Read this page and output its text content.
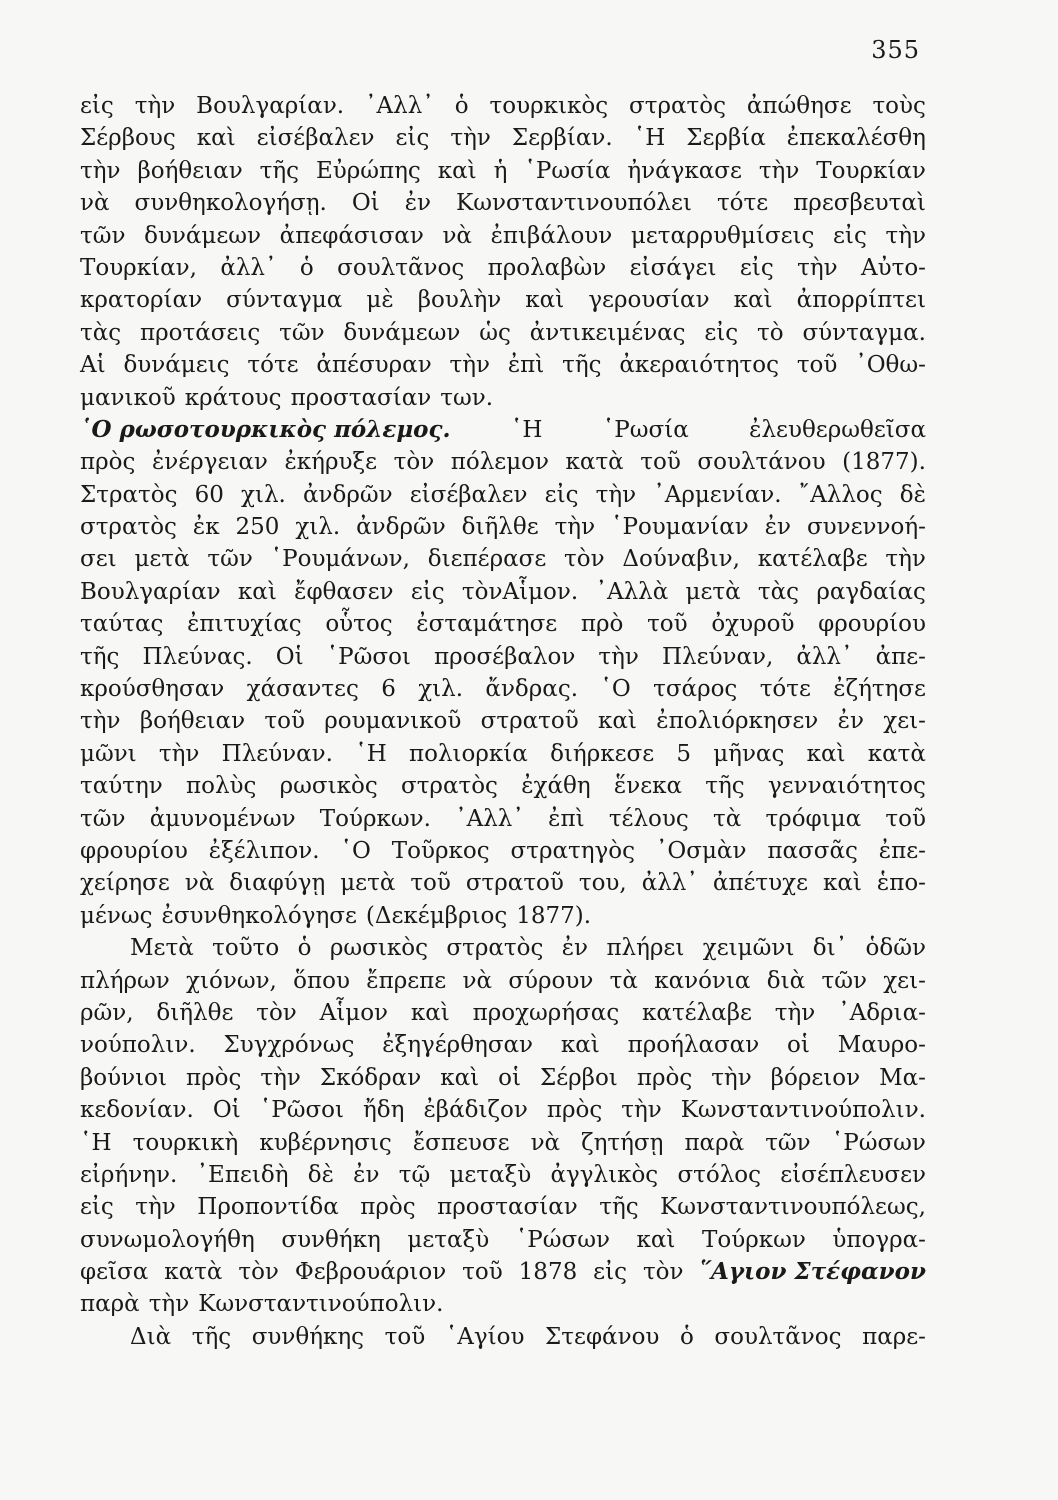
355
εἰς τὴν Βουλγαρίαν. ᾿Αλλ᾿ ὁ τουρκικὸς στρατὸς ἀπώθησε τοὺς
Σέρβους καὶ εἰσέβαλεν εἰς τὴν Σερβίαν. ῾Η Σερβία ἐπεκαλέσθη
τὴν βοήθειαν τῆς Εὐρώπης καὶ ἡ ῾Ρωσία ἠνάγκασε τὴν Τουρκίαν
νὰ συνθηκολογήσῃ. Οἱ ἐν Κωνσταντινουπόλει τότε πρεσβευταὶ
τῶν δυνάμεων ἀπεφάσισαν νὰ ἐπιβάλουν μεταρρυθμίσεις εἰς τὴν
Τουρκίαν, ἀλλ᾿ ὁ σουλτᾶνος προλαβὼν εἰσάγει εἰς τὴν Αὐτο-
κρατορίαν σύνταγμα μὲ βουλὴν καὶ γερουσίαν καὶ ἀπορρίπτει
τὰς προτάσεις τῶν δυνάμεων ὡς ἀντικειμένας εἰς τὸ σύνταγμα.
Αἱ δυνάμεις τότε ἀπέσυραν τὴν ἐπὶ τῆς ἀκεραιότητος τοῦ ᾿Οθω-
μανικοῦ κράτους προστασίαν των.
῾Ο ρωσοτουρκικὸς πόλεμος.	῾Η	῾Ρωσία	ἐλευθερωθεῖσα
πρὸς ἐνέργειαν ἐκήρυξε τὸν πόλεμον κατὰ τοῦ σουλτάνου (1877).
Στρατὸς 60 χιλ. ἀνδρῶν εἰσέβαλεν εἰς τὴν ᾿Αρμενίαν. ῎Αλλος δὲ
στρατὸς ἐκ 250 χιλ. ἀνδρῶν διῆλθε τὴν ῾Ρουμανίαν ἐν συνεννοή-
σει μετὰ τῶν ῾Ρουμάνων, διεπέρασε τὸν Δούναβιν, κατέλαβε τὴν
Βουλγαρίαν καὶ ἔφθασεν εἰς τὸνΑἷμον. ᾿Αλλὰ μετὰ τὰς ραγδαίας
ταύτας ἐπιτυχίας οὗτος ἐσταμάτησε πρὸ τοῦ ὀχυροῦ φρουρίου
τῆς Πλεύνας. Οἱ ῾Ρῶσοι προσέβαλον τὴν Πλεύναν, ἀλλ᾿ ἀπε-
κρούσθησαν χάσαντες 6 χιλ. ἄνδρας. ῾Ο τσάρος τότε ἐζήτησε
τὴν βοήθειαν τοῦ ρουμανικοῦ στρατοῦ καὶ ἐπολιόρκησεν ἐν χει-
μῶνι τὴν Πλεύναν. ῾Η πολιορκία διήρκεσε 5 μῆνας καὶ κατὰ
ταύτην πολὺς ρωσικὸς στρατὸς ἐχάθη ἕνεκα τῆς γενναιότητος
τῶν ἀμυνομένων Τούρκων. ᾿Αλλ᾿ ἐπὶ τέλους τὰ τρόφιμα τοῦ
φρουρίου ἐξέλιπον. ῾Ο Τοῦρκος στρατηγὸς ᾿Οσμὰν πασσᾶς ἐπε-
χείρησε νὰ διαφύγῃ μετὰ τοῦ στρατοῦ του, ἀλλ᾿ ἀπέτυχε καὶ ἑπο-
μένως ἐσυνθηκολόγησε (Δεκέμβριος 1877).
Μετὰ τοῦτο ὁ ρωσικὸς στρατὸς ἐν πλήρει χειμῶνι δι᾿ ὁδῶν
πλήρων χιόνων, ὅπου ἔπρεπε νὰ σύρουν τὰ κανόνια διὰ τῶν χει-
ρῶν, διῆλθε τὸν Αἷμον καὶ προχωρήσας κατέλαβε τὴν ᾿Αδρια-
νούπολιν. Συγχρόνως ἐξηγέρθησαν καὶ προήλασαν οἱ Μαυρο-
βούνιοι πρὸς τὴν Σκόδραν καὶ οἱ Σέρβοι πρὸς τὴν βόρειον Μα-
κεδονίαν. Οἱ ῾Ρῶσοι ἤδη ἐβάδιζον πρὸς τὴν Κωνσταντινούπολιν.
῾Η τουρκικὴ κυβέρνησις ἔσπευσε νὰ ζητήσῃ παρὰ τῶν ῾Ρώσων
εἰρήνην. ᾿Επειδὴ δὲ ἐν τῷ μεταξὺ ἀγγλικὸς στόλος εἰσέπλευσεν
εἰς τὴν Προποντίδα πρὸς προστασίαν τῆς Κωνσταντινουπόλεως,
συνωμολογήθη συνθήκη μεταξὺ ῾Ρώσων καὶ Τούρκων ὑπογρα-
φεῖσα κατὰ τὸν Φεβρουάριον τοῦ 1878 εἰς τὸν ῞Αγιον Στέφανον
παρὰ τὴν Κωνσταντινούπολιν.
Διὰ τῆς συνθήκης τοῦ ῾Αγίου Στεφάνου ὁ σουλτᾶνος παρε-
